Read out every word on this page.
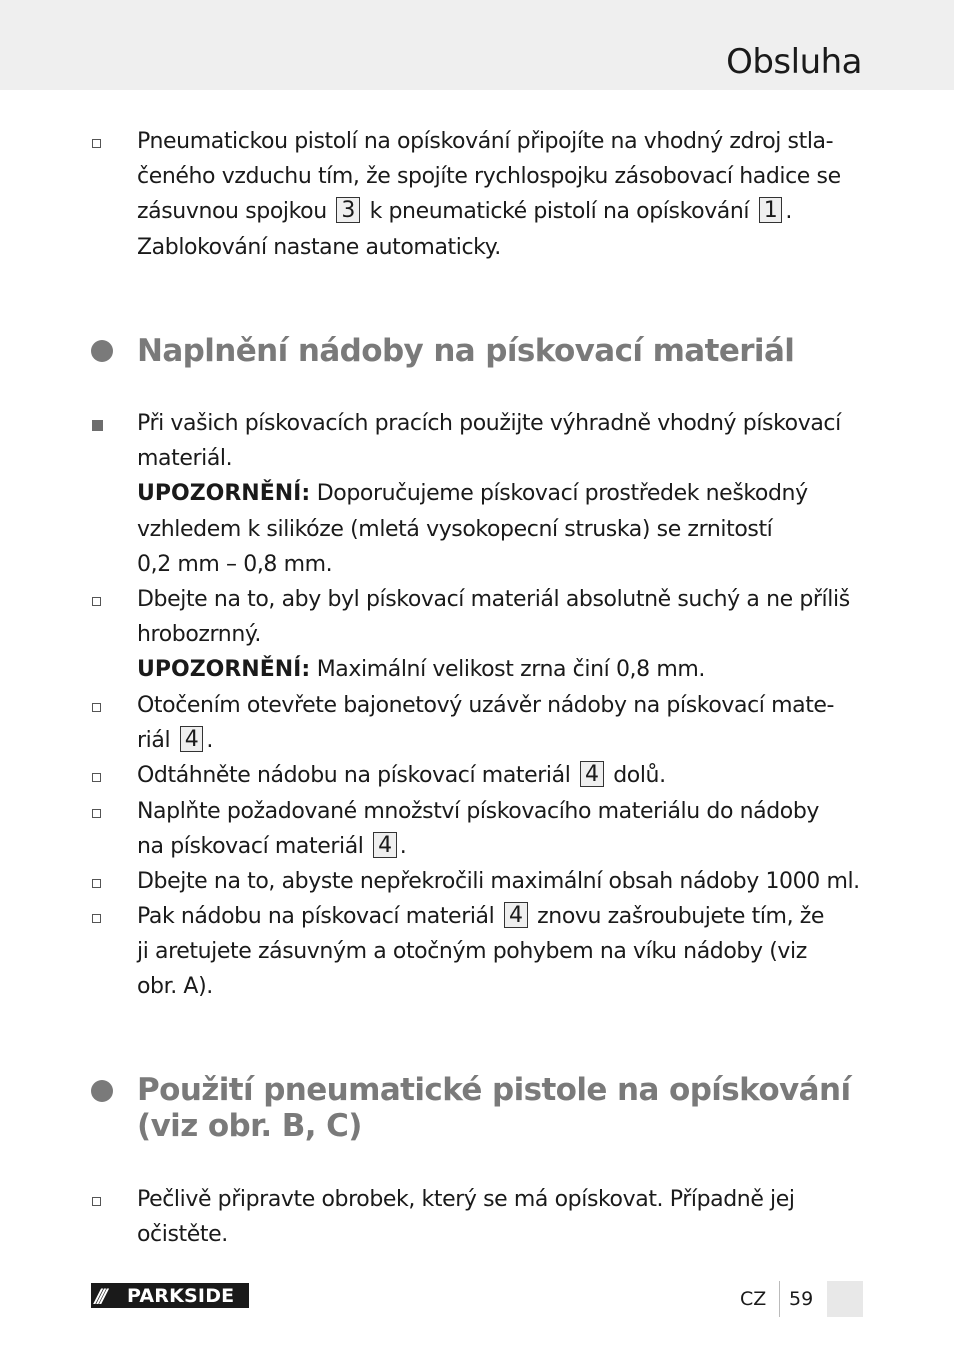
Obsluha
Pneumatickou pistolí na opískování připojíte na vhodný zdroj stla-
čeného vzduchu tím, že spojíte rychlospojku zásobovací hadice se
zásuvnou spojkou 3 k pneumatické pistolí na opískování 1 .
Zablokování nastane automaticky.
Naplnění nádoby na pískovací materiál
Při vašich pískovacích pracích použijte výhradně vhodný pískovací
materiál.
UPOZORNĚNÍ: Doporučujeme pískovací prostředek neškodný
vzhledem k silikóze (mletá vysokopecní struska) se zrnitostí
0,2 mm – 0,8 mm.
Dbejte na to, aby byl pískovací materiál absolutně suchý a ne příliš
hrobozrnný.
UPOZORNĚNÍ: Maximální velikost zrna činí 0,8 mm.
Otočením otevřete bajonetový uzávěr nádoby na pískovací mate-
riál 4 .
Odtáhněte nádobu na pískovací materiál 4 dolů.
Naplňte požadované množství pískovacího materiálu do nádoby
na pískovací materiál 4 .
Dbejte na to, abyste nepřekročili maximální obsah nádoby 1000 ml.
Pak nádobu na pískovací materiál 4 znovu zašroubujete tím, že
ji aretujete zásuvným a otočným pohybem na víku nádoby (viz
obr. A).
Použití pneumatické pistole na opískování
(viz obr. B, C)
Pečlivě připravte obrobek, který se má opískovat. Případně jej
očistěte.
///	PARKSIDE	CZ 59
